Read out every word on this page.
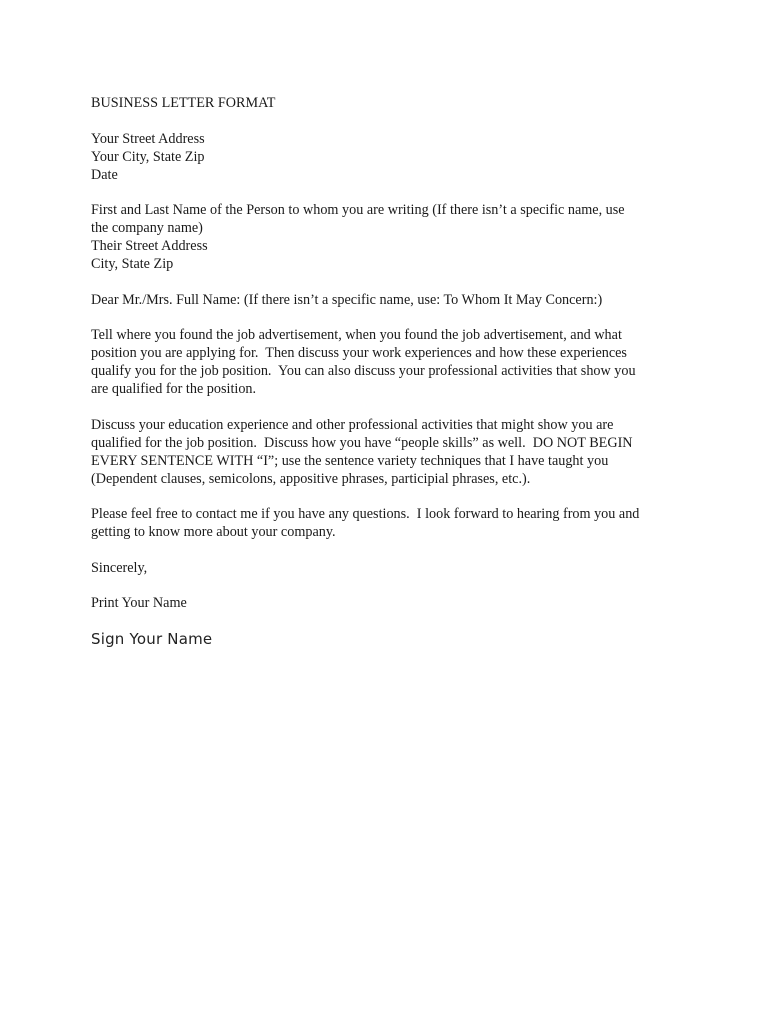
BUSINESS LETTER FORMAT
Your Street Address
Your City, State Zip
Date
First and Last Name of the Person to whom you are writing (If there isn’t a specific name, use
the company name)
Their Street Address
City, State Zip
Dear Mr./Mrs. Full Name: (If there isn’t a specific name, use: To Whom It May Concern:)
Tell where you found the job advertisement, when you found the job advertisement, and what
position you are applying for.  Then discuss your work experiences and how these experiences
qualify you for the job position.  You can also discuss your professional activities that show you
are qualified for the position.
Discuss your education experience and other professional activities that might show you are
qualified for the job position.  Discuss how you have “people skills” as well.  DO NOT BEGIN
EVERY SENTENCE WITH “I”; use the sentence variety techniques that I have taught you
(Dependent clauses, semicolons, appositive phrases, participial phrases, etc.).
Please feel free to contact me if you have any questions.  I look forward to hearing from you and
getting to know more about your company.
Sincerely,
Print Your Name
Sign Your Name
